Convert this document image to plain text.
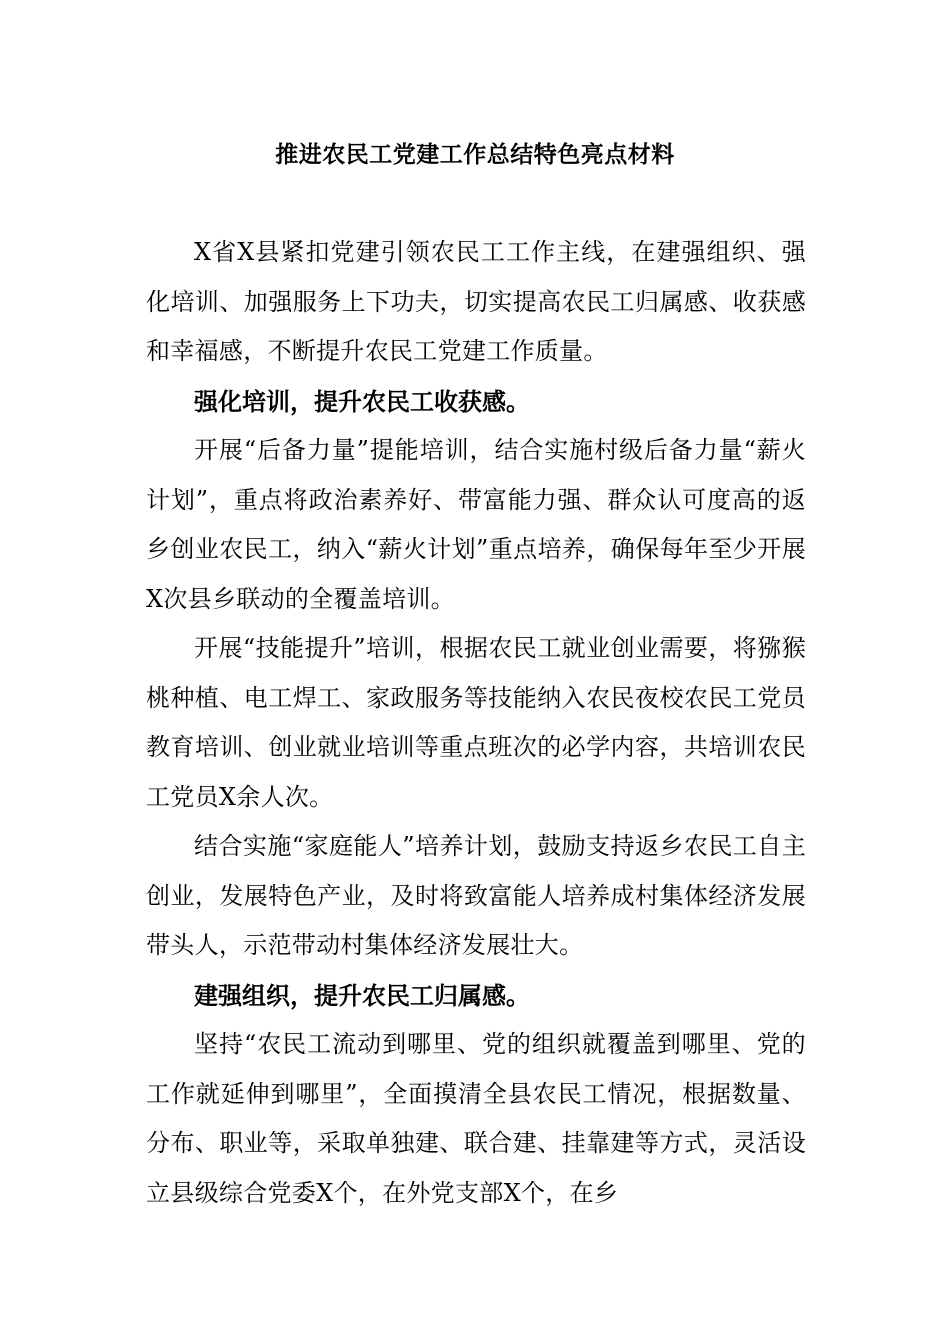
推进农民工党建工作总结特色亮点材料

X省X县紧扣党建引领农民工工作主线，在建强组织、强化培训、加强服务上下功夫，切实提高农民工归属感、收获感和幸福感，不断提升农民工党建工作质量。

强化培训，提升农民工收获感。

开展“后备力量”提能培训，结合实施村级后备力量“薪火计划”，重点将政治素养好、带富能力强、群众认可度高的返乡创业农民工，纳入“薪火计划”重点培养，确保每年至少开展X次县乡联动的全覆盖培训。

开展“技能提升”培训，根据农民工就业创业需要，将猕猴桃种植、电工焊工、家政服务等技能纳入农民夜校农民工党员教育培训、创业就业培训等重点班次的必学内容，共培训农民工党员X余人次。

结合实施“家庭能人”培养计划，鼓励支持返乡农民工自主创业，发展特色产业，及时将致富能人培养成村集体经济发展带头人，示范带动村集体经济发展壮大。

建强组织，提升农民工归属感。

坚持“农民工流动到哪里、党的组织就覆盖到哪里、党的工作就延伸到哪里”，全面摸清全县农民工情况，根据数量、分布、职业等，采取单独建、联合建、挂靠建等方式，灵活设立县级综合党委X个，在外党支部X个，在乡
